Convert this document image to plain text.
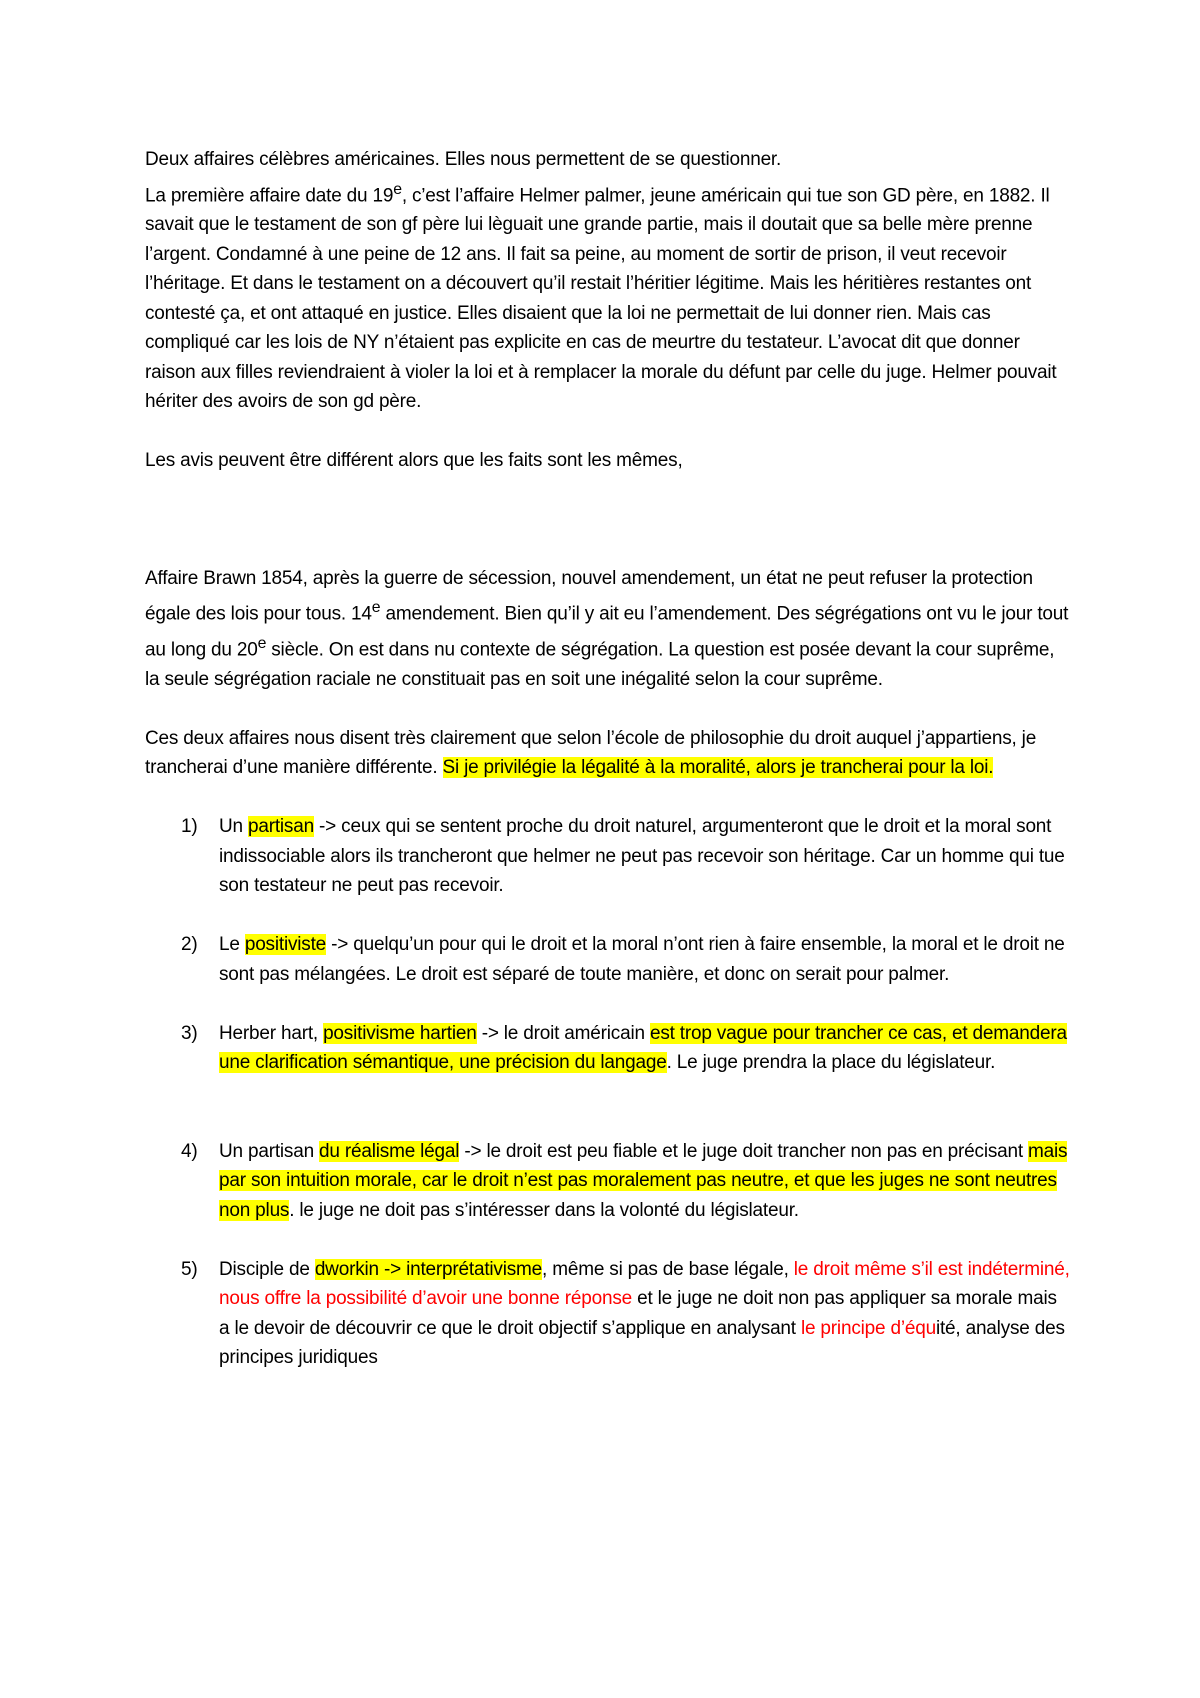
Deux affaires célèbres américaines. Elles nous permettent de se questionner.

La première affaire date du 19e, c’est l’affaire Helmer palmer, jeune américain qui tue son GD père, en 1882. Il savait que le testament de son gf père lui lèguait une grande partie, mais il doutait que sa belle mère prenne l’argent. Condamné à une peine de 12 ans. Il fait sa peine, au moment de sortir de prison, il veut recevoir l’héritage. Et dans le testament on a découvert qu’il restait l’héritier légitime. Mais les héritières restantes ont contesté ça, et ont attaqué en justice. Elles disaient que la loi ne permettait de lui donner rien. Mais cas compliqué car les lois de NY n’étaient pas explicite en cas de meurtre du testateur. L’avocat dit que donner raison aux filles reviendraient à violer la loi et à remplacer la morale du défunt par celle du juge. Helmer pouvait hériter des avoirs de son gd père.

Les avis peuvent être différent alors que les faits sont les mêmes,

Affaire Brawn 1854, après la guerre de sécession, nouvel amendement, un état ne peut refuser la protection égale des lois pour tous. 14e amendement. Bien qu’il y ait eu l’amendement. Des ségrégations ont vu le jour tout au long du 20e siècle. On est dans nu contexte de ségrégation. La question est posée devant la cour suprême, la seule ségrégation raciale ne constituait pas en soit une inégalité selon la cour suprême.

Ces deux affaires nous disent très clairement que selon l’école de philosophie du droit auquel j’appartiens, je trancherai d’une manière différente. Si je privilégie la légalité à la moralité, alors je trancherai pour la loi.

1) Un partisan -> ceux qui se sentent proche du droit naturel, argumenteront que le droit et la moral sont indissociable alors ils trancheront que helmer ne peut pas recevoir son héritage. Car un homme qui tue son testateur ne peut pas recevoir.
2) Le positiviste -> quelqu’un pour qui le droit et la moral n’ont rien à faire ensemble, la moral et le droit ne sont pas mélangées. Le droit est séparé de toute manière, et donc on serait pour palmer.
3) Herber hart, positivisme hartien -> le droit américain est trop vague pour trancher ce cas, et demandera une clarification sémantique, une précision du langage. Le juge prendra la place du législateur.
4) Un partisan du réalisme légal -> le droit est peu fiable et le juge doit trancher non pas en précisant mais par son intuition morale, car le droit n’est pas moralement pas neutre, et que les juges ne sont neutres non plus. le juge ne doit pas s’intéresser dans la volonté du législateur.
5) Disciple de dworkin -> interprétativisme, même si pas de base légale, le droit même s’il est indéterminé, nous offre la possibilité d’avoir une bonne réponse et le juge ne doit non pas appliquer sa morale mais a le devoir de découvrir ce que le droit objectif s’applique en analysant le principe d’équité, analyse des principes juridiques
